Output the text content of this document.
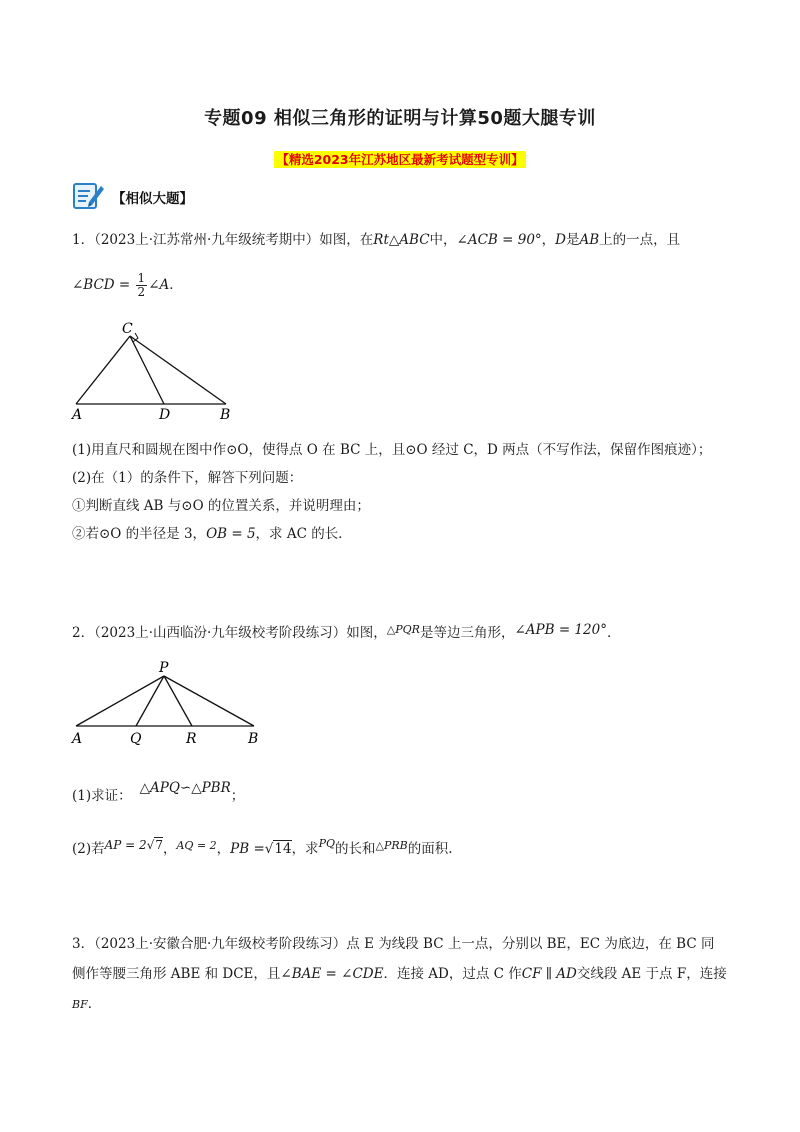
专题09 相似三角形的证明与计算50题大腿专训
【精选2023年江苏地区最新考试题型专训】
【相似大题】
1．（2023上·江苏常州·九年级统考期中）如图，在Rt△ABC中，∠ACB = 90°，D是AB上的一点，且
∠BCD = $\frac{1}{2}$ ∠A．
C
A	D	B
(1)用直尺和圆规在图中作⊙O，使得点 O 在 BC 上，且⊙O 经过 C，D 两点（不写作法，保留作图痕迹）；
(2)在（1）的条件下，解答下列问题：
①判断直线 AB 与⊙O 的位置关系，并说明理由；
②若⊙O 的半径是 3，OB = 5，求 AC 的长．
2．（2023上·山西临汾·九年级校考阶段练习）如图，$^{\triangle PQR}$是等边三角形，∠APB = 120°．
P
A	Q	R	B
(1)求证： △APQ∽△PBR；
(2)若AP = 2√7，$^{AQ = 2}$，PB =√14，求$^{PQ}$的长和$^{\triangle PRB}$的面积.
3．（2023上·安徽合肥·九年级校考阶段练习）点 E 为线段 BC 上一点，分别以 BE，EC 为底边，在 BC 同
侧作等腰三角形 ABE 和 DCE，且∠BAE = ∠CDE．连接 AD，过点 C 作CF ∥ AD交线段 AE 于点 F，连接
BF．
